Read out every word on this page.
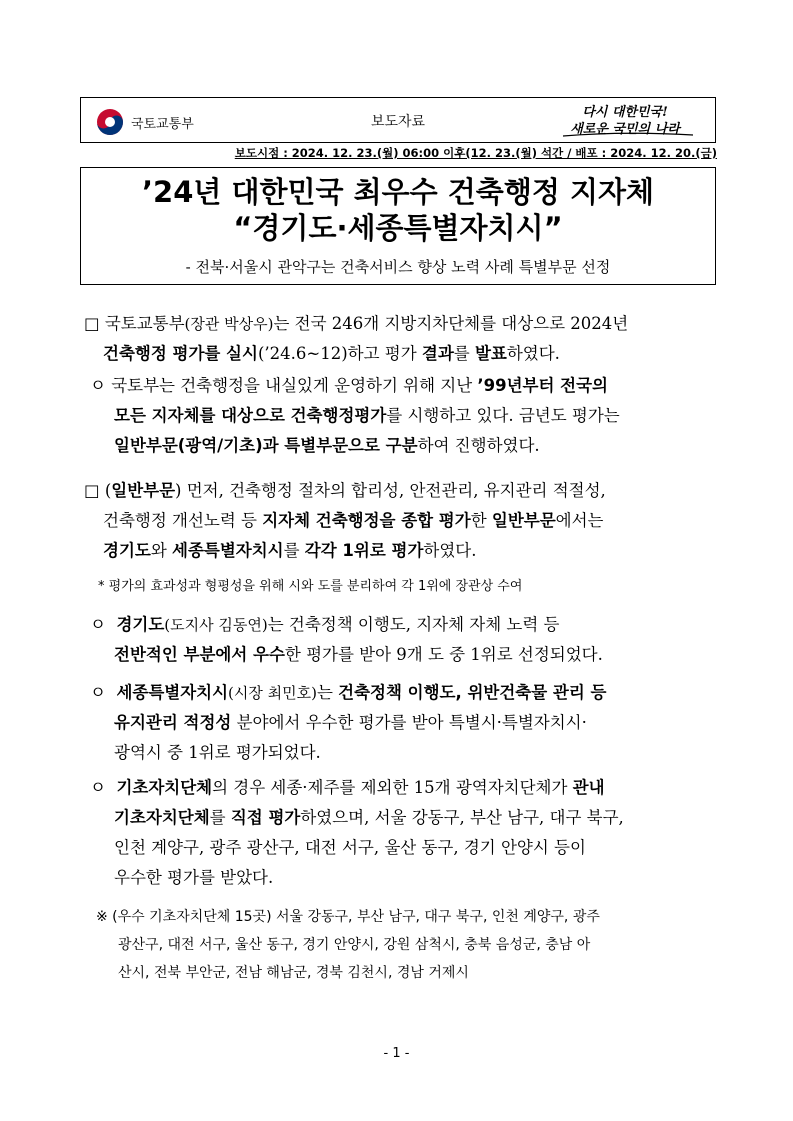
국토교통부	보도자료
다시 대한민국!
새로운 국민의 나라
보도시점 : 2024. 12. 23.(월) 06:00 이후(12. 23.(월) 석간 / 배포 : 2024. 12. 20.(금)
’24년 대한민국 최우수 건축행정 지자체
“경기도·세종특별자치시”
- 전북·서울시 관악구는 건축서비스 향상 노력 사례 특별부문 선정
□ 국토교통부(장관 박상우)는 전국 246개 지방지차단체를 대상으로 2024년
건축행정 평가를 실시(’24.6~12)하고 평가 결과를 발표하였다.
ㅇ 국토부는 건축행정을 내실있게 운영하기 위해 지난 ’99년부터 전국의
모든 지자체를 대상으로 건축행정평가를 시행하고 있다. 금년도 평가는
일반부문(광역/기초)과 특별부문으로 구분하여 진행하였다.
□ (일반부문) 먼저, 건축행정 절차의 합리성, 안전관리, 유지관리 적절성,
건축행정 개선노력 등 지자체 건축행정을 종합 평가한 일반부문에서는
경기도와 세종특별자치시를 각각 1위로 평가하였다.
* 평가의 효과성과 형평성을 위해 시와 도를 분리하여 각 1위에 장관상 수여
ㅇ 경기도(도지사 김동연)는 건축정책 이행도, 지자체 자체 노력 등
전반적인 부분에서 우수한 평가를 받아 9개 도 중 1위로 선정되었다.
ㅇ 세종특별자치시(시장 최민호)는 건축정책 이행도, 위반건축물 관리 등
유지관리 적정성 분야에서 우수한 평가를 받아 특별시·특별자치시·
광역시 중 1위로 평가되었다.
ㅇ 기초자치단체의 경우 세종·제주를 제외한 15개 광역자치단체가 관내
기초자치단체를 직접 평가하였으며, 서울 강동구, 부산 남구, 대구 북구,
인천 계양구, 광주 광산구, 대전 서구, 울산 동구, 경기 안양시 등이
우수한 평가를 받았다.
※ (우수 기초자치단체 15곳) 서울 강동구, 부산 남구, 대구 북구, 인천 계양구, 광주
광산구, 대전 서구, 울산 동구, 경기 안양시, 강원 삼척시, 충북 음성군, 충남 아
산시, 전북 부안군, 전남 해남군, 경북 김천시, 경남 거제시
- 1 -
